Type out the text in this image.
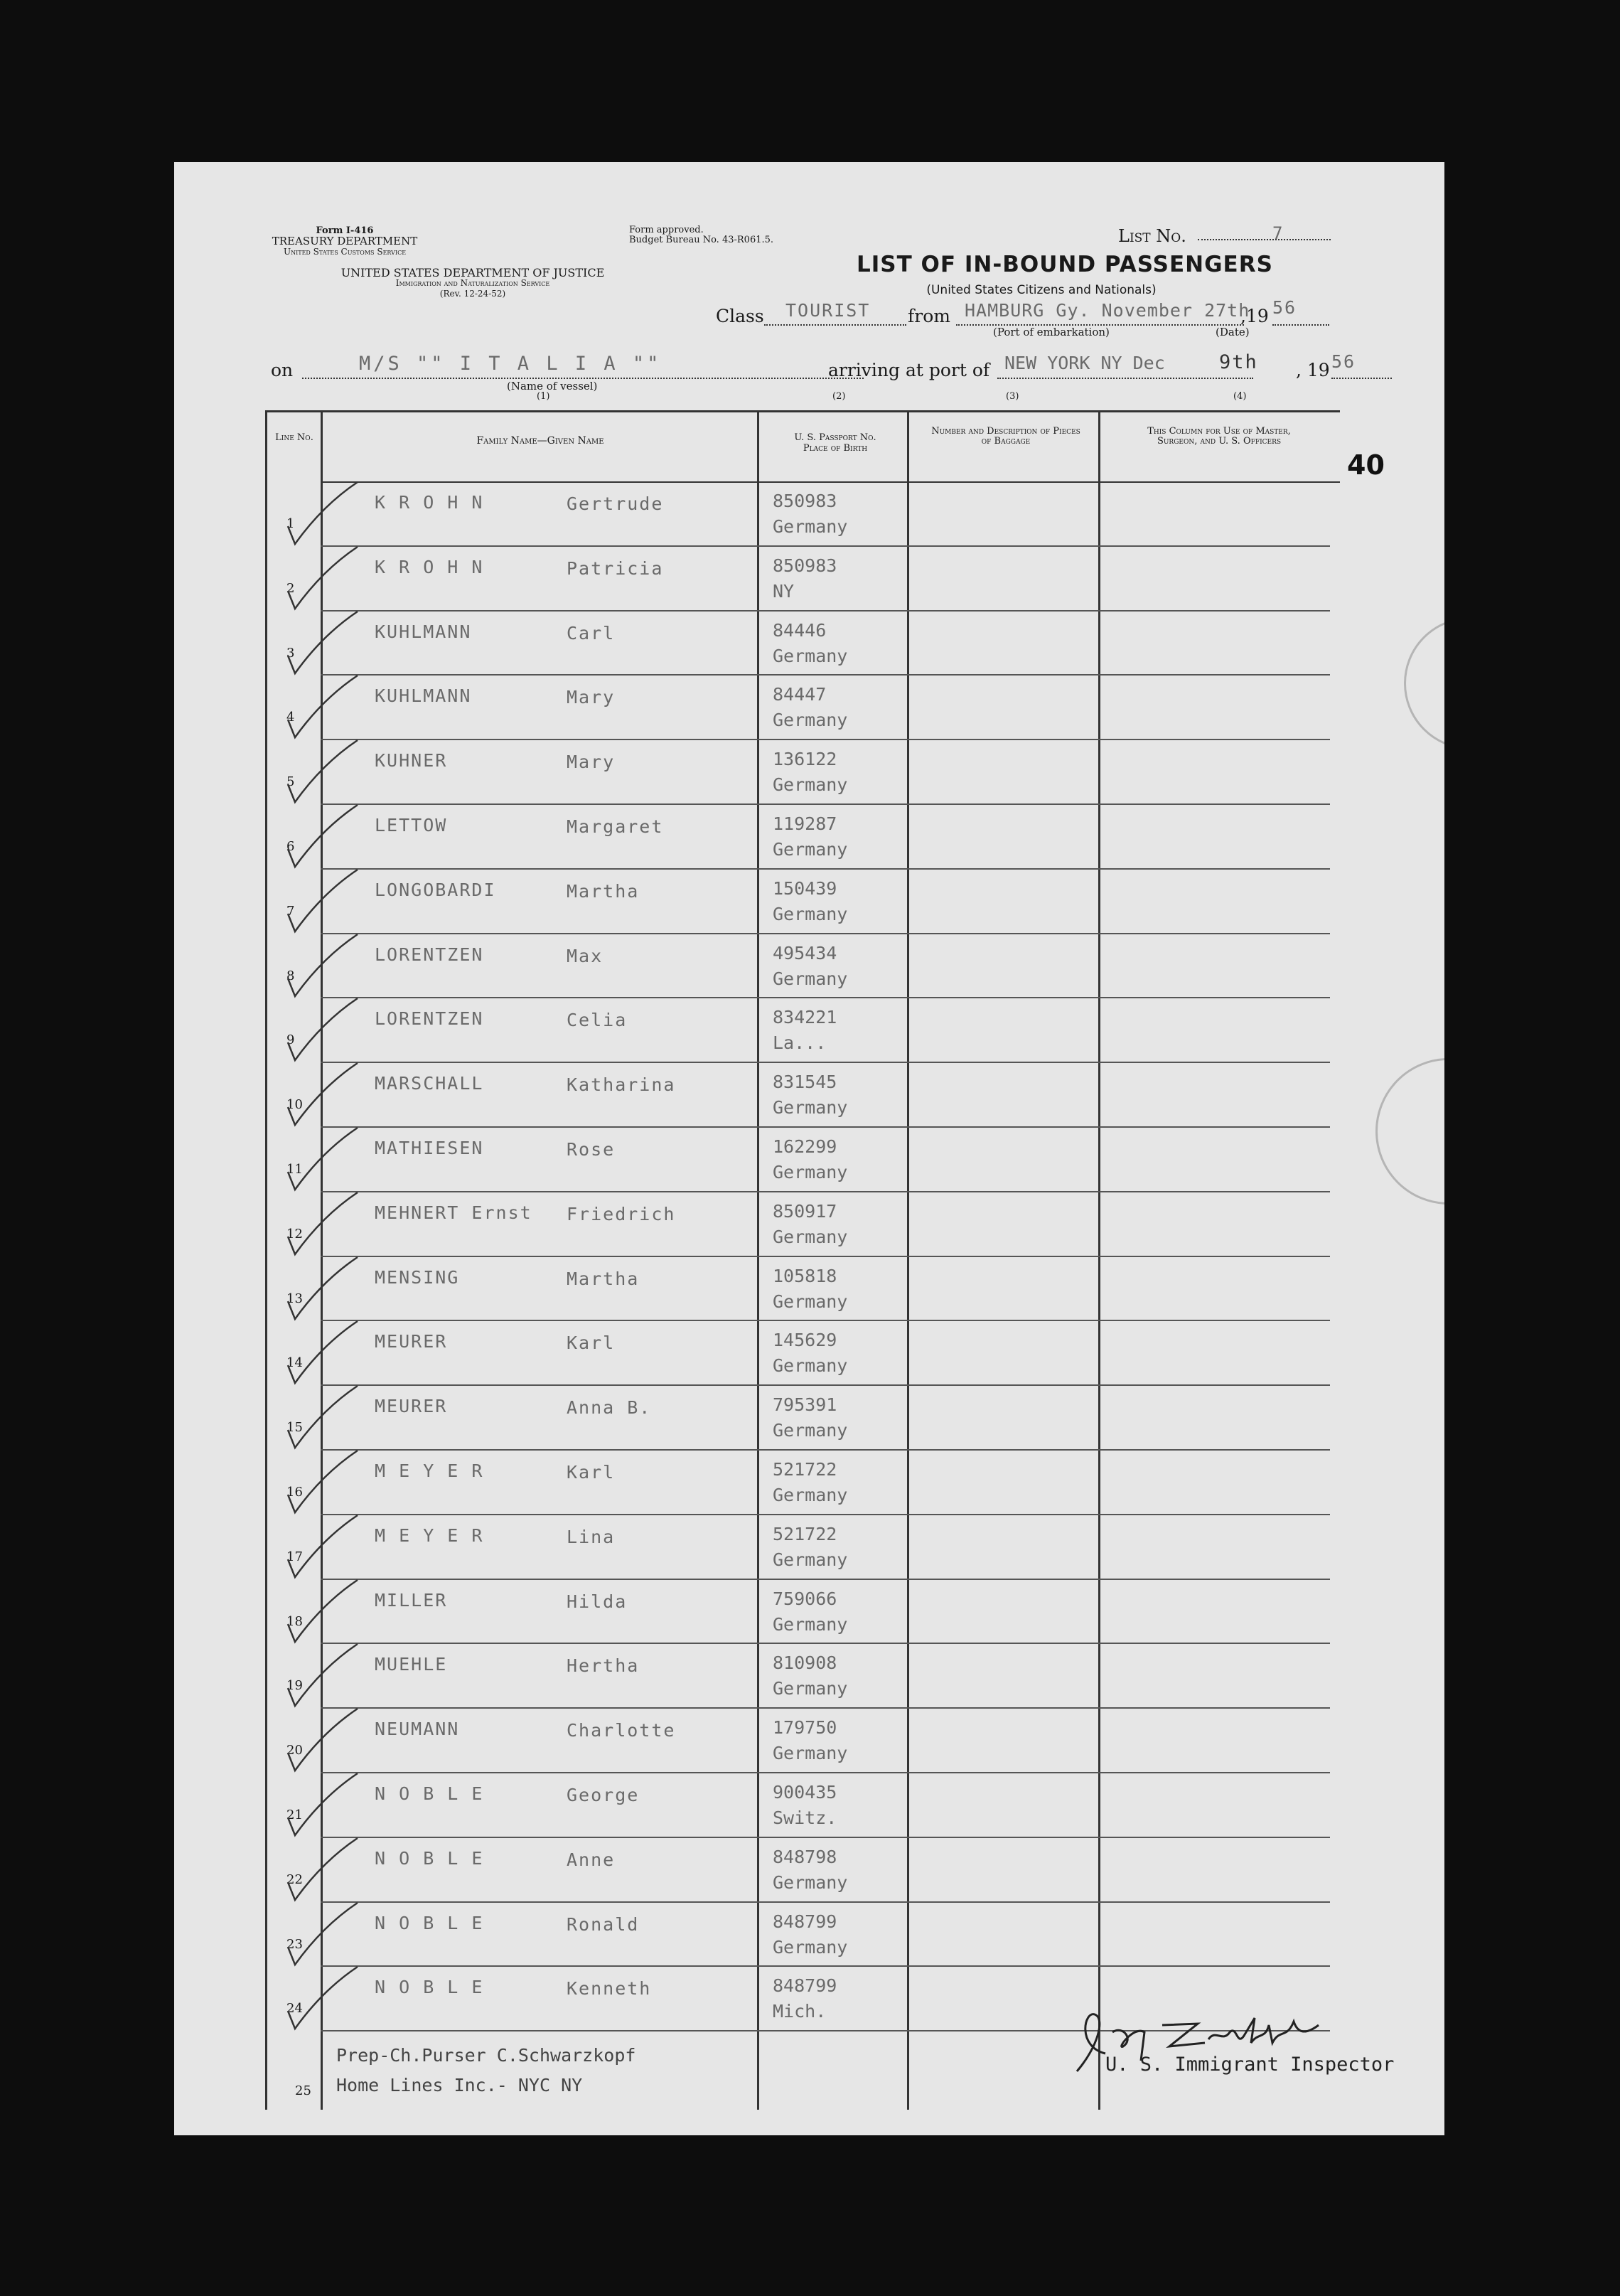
Form I-416
TREASURY DEPARTMENT
United States Customs Service
UNITED STATES DEPARTMENT OF JUSTICE
Immigration and Naturalization Service
(Rev. 12-24-52)
Form approved.
Budget Bureau No. 43-R061.5.	List No.	7
LIST OF IN-BOUND PASSENGERS
(United States Citizens and Nationals)
Class TOURIST from HAMBURG Gy. November 27th
,19 56
(Port of embarkation)	(Date)
on	M/S "" I T A L I A ""
(Name of vessel)
(1)
arriving at port of NEW YORK NY Dec	9th , 19 56
(2)	(3)	(4)
40
Line No.	Family Name—Given Name	U. S. Passport No. Place of Birth
Number and Description of Pieces of Baggage
This Column for Use of Master, Surgeon, and U. S. Officers
1
K R O H N	Gertrude	850983
Germany
2
K R O H N	Patricia	850983
NY
3
KUHLMANN	Carl	84446
Germany
4
KUHLMANN	Mary	84447
Germany
5
KUHNER	Mary	136122
Germany
6
LETTOW	Margaret	119287
Germany
7
LONGOBARDI	Martha	150439
Germany
8
LORENTZEN	Max	495434
Germany
9
LORENTZEN	Celia	834221
La...
10
MARSCHALL	Katharina	831545
Germany
11
MATHIESEN	Rose	162299
Germany
12
MEHNERT Ernst Friedrich	850917
Germany
13
MENSING	Martha	105818
Germany
14
MEURER	Karl	145629
Germany
15
MEURER	Anna B.	795391
Germany
16
M E Y E R	Karl	521722
Germany
17
M E Y E R	Lina	521722
Germany
18
MILLER	Hilda	759066
Germany
19
MUEHLE	Hertha	810908
Germany
20
NEUMANN	Charlotte	179750
Germany
21
N O B L E	George	900435
Switz.
22
N O B L E	Anne	848798
Germany
23
N O B L E	Ronald	848799
Germany
24
N O B L E	Kenneth	848799
Mich.
25
Prep-Ch.Purser C.Schwarzkopf
Home Lines Inc.- NYC NY
U. S. Immigrant Inspector
